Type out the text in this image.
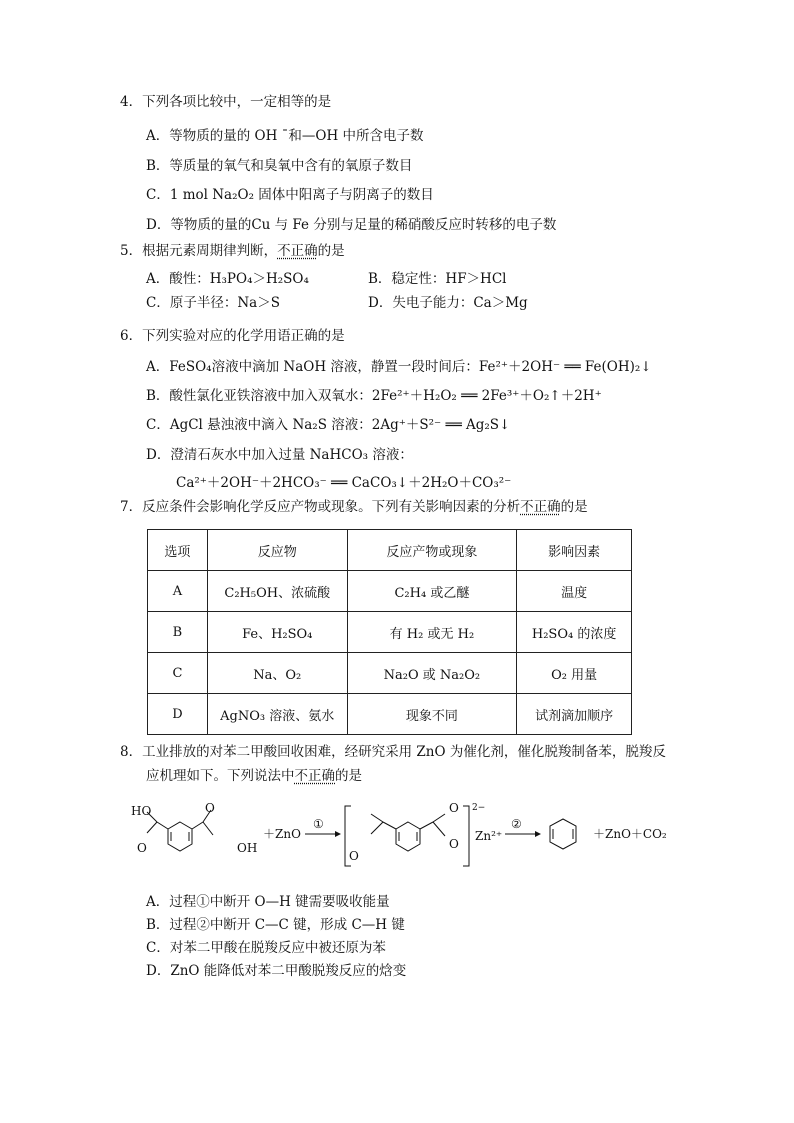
4．下列各项比较中，一定相等的是
A．等物质的量的 OH ˉ和—OH 中所含电子数
B．等质量的氧气和臭氧中含有的氧原子数目
C．1 mol Na₂O₂ 固体中阳离子与阴离子的数目
D．等物质的量的Cu 与 Fe 分别与足量的稀硝酸反应时转移的电子数
5．根据元素周期律判断，不正确的是
A．酸性：H₃PO₄＞H₂SO₄	B．稳定性：HF＞HCl
C．原子半径：Na＞S	D．失电子能力：Ca＞Mg
6．下列实验对应的化学用语正确的是
A．FeSO₄溶液中滴加 NaOH 溶液，静置一段时间后：Fe²⁺＋2OH⁻ ══ Fe(OH)₂↓
B．酸性氯化亚铁溶液中加入双氧水：2Fe²⁺＋H₂O₂ ══ 2Fe³⁺＋O₂↑＋2H⁺
C．AgCl 悬浊液中滴入 Na₂S 溶液：2Ag⁺＋S²⁻ ══ Ag₂S↓
D．澄清石灰水中加入过量 NaHCO₃ 溶液：
Ca²⁺＋2OH⁻＋2HCO₃⁻ ══ CaCO₃↓＋2H₂O＋CO₃²⁻
7．反应条件会影响化学反应产物或现象。下列有关影响因素的分析不正确的是
选项	反应物	反应产物或现象	影响因素
A	C₂H₅OH、浓硫酸	C₂H₄ 或乙醚	温度
B	Fe、H₂SO₄	有 H₂ 或无 H₂	H₂SO₄ 的浓度
C	Na、O₂	Na₂O 或 Na₂O₂	O₂ 用量
D	AgNO₃ 溶液、氨水	现象不同	试剂滴加顺序
8．工业排放的对苯二甲酸回收困难，经研究采用 ZnO 为催化剂，催化脱羧制备苯，脱羧反
应机理如下。下列说法中不正确的是
HO
O
O
OH
＋ZnO
①
O
O
O
2−
Zn²⁺
②
＋ZnO＋CO₂
A．过程①中断开 O—H 键需要吸收能量
B．过程②中断开 C—C 键，形成 C—H 键
C．对苯二甲酸在脱羧反应中被还原为苯
D．ZnO 能降低对苯二甲酸脱羧反应的焓变
